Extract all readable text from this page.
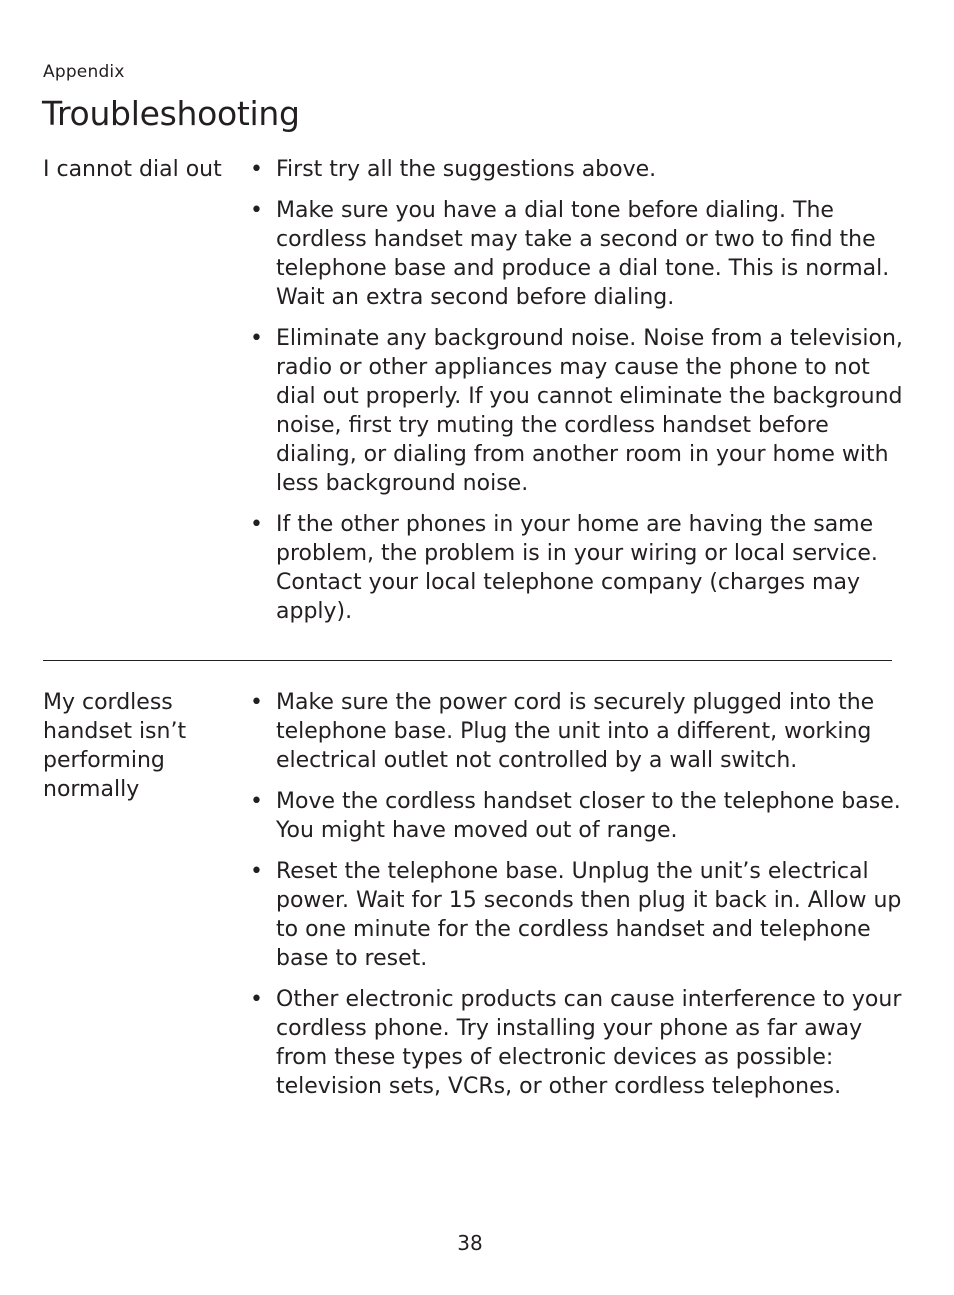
Appendix
Troubleshooting
I cannot dial out	• First try all the suggestions above.
• Make sure you have a dial tone before dialing. The cordless handset may take a second or two to find the telephone base and produce a dial tone. This is normal. Wait an extra second before dialing.
• Eliminate any background noise. Noise from a television, radio or other appliances may cause the phone to not dial out properly. If you cannot eliminate the background noise, first try muting the cordless handset before dialing, or dialing from another room in your home with less background noise.
• If the other phones in your home are having the same problem, the problem is in your wiring or local service. Contact your local telephone company (charges may apply).
My cordless handset isn’t performing normally
• Make sure the power cord is securely plugged into the telephone base. Plug the unit into a different, working electrical outlet not controlled by a wall switch.
• Move the cordless handset closer to the telephone base. You might have moved out of range.
• Reset the telephone base. Unplug the unit’s electrical power. Wait for 15 seconds then plug it back in. Allow up to one minute for the cordless handset and telephone base to reset.
• Other electronic products can cause interference to your cordless phone. Try installing your phone as far away from these types of electronic devices as possible: television sets, VCRs, or other cordless telephones.
38
